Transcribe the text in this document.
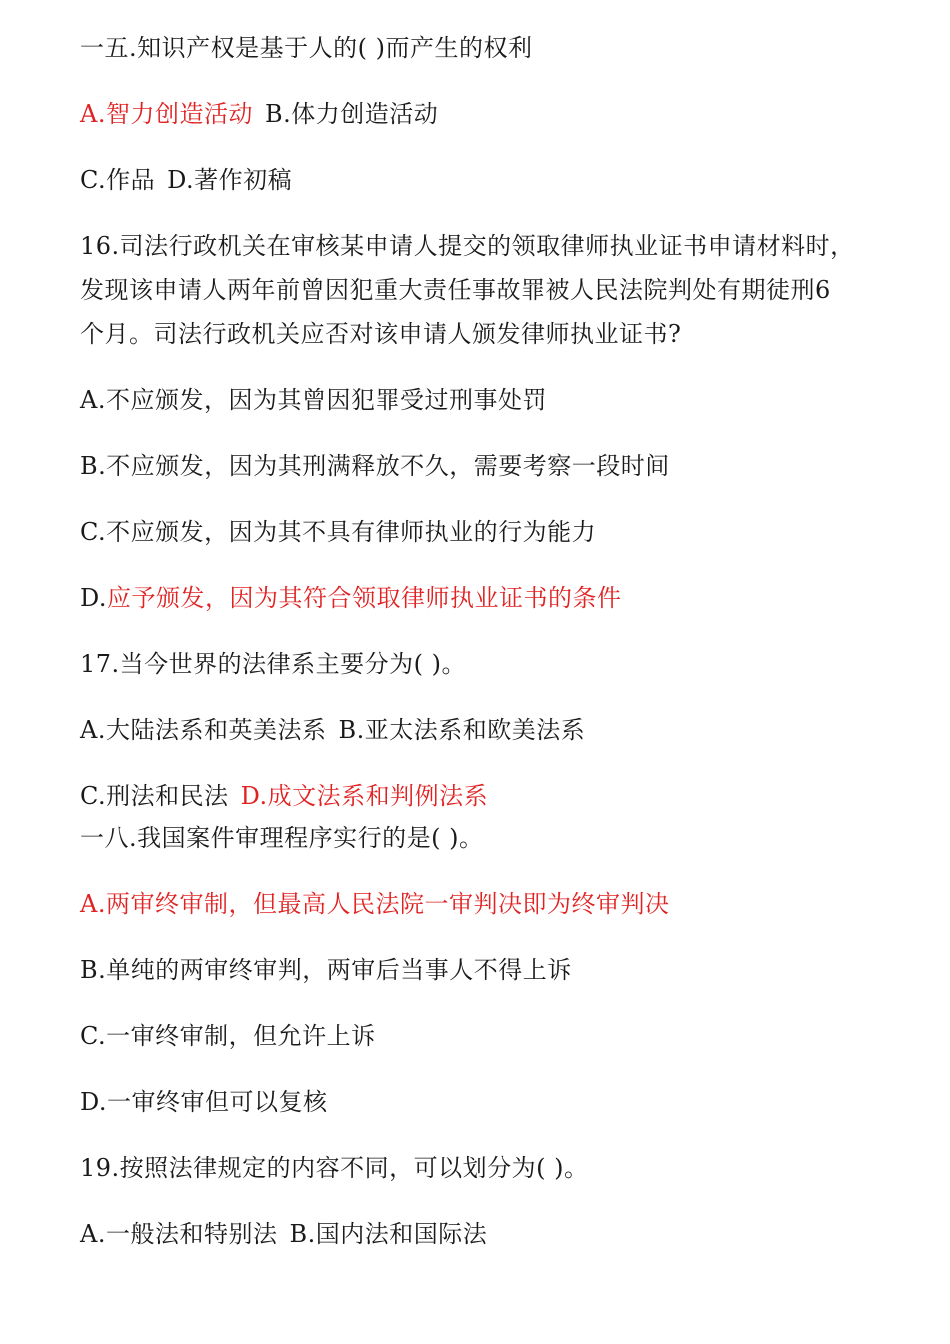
一五.知识产权是基于人的( )而产生的权利
A.智力创造活动 B.体力创造活动
C.作品 D.著作初稿
16.司法行政机关在审核某申请人提交的领取律师执业证书申请材料时，
发现该申请人两年前曾因犯重大责任事故罪被人民法院判处有期徒刑6
个月。司法行政机关应否对该申请人颁发律师执业证书?
A.不应颁发，因为其曾因犯罪受过刑事处罚
B.不应颁发，因为其刑满释放不久，需要考察一段时间
C.不应颁发，因为其不具有律师执业的行为能力
D.应予颁发，因为其符合领取律师执业证书的条件
17.当今世界的法律系主要分为( )。
A.大陆法系和英美法系 B.亚太法系和欧美法系
C.刑法和民法 D.成文法系和判例法系
一八.我国案件审理程序实行的是( )。
A.两审终审制，但最高人民法院一审判决即为终审判决
B.单纯的两审终审判，两审后当事人不得上诉
C.一审终审制，但允许上诉
D.一审终审但可以复核
19.按照法律规定的内容不同，可以划分为( )。
A.一般法和特别法 B.国内法和国际法
